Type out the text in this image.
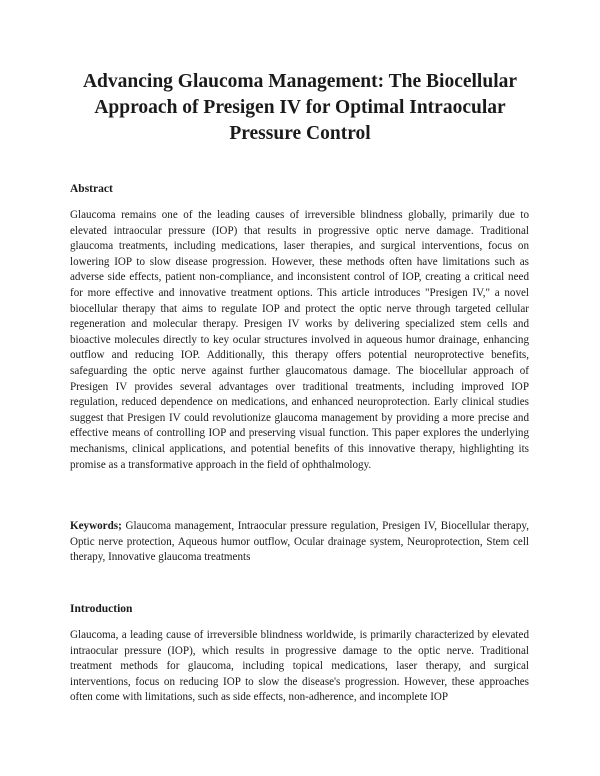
Advancing Glaucoma Management: The Biocellular Approach of Presigen IV for Optimal Intraocular Pressure Control
Abstract

Glaucoma remains one of the leading causes of irreversible blindness globally, primarily due to elevated intraocular pressure (IOP) that results in progressive optic nerve damage. Traditional glaucoma treatments, including medications, laser therapies, and surgical interventions, focus on lowering IOP to slow disease progression. However, these methods often have limitations such as adverse side effects, patient non-compliance, and inconsistent control of IOP, creating a critical need for more effective and innovative treatment options. This article introduces "Presigen IV," a novel biocellular therapy that aims to regulate IOP and protect the optic nerve through targeted cellular regeneration and molecular therapy. Presigen IV works by delivering specialized stem cells and bioactive molecules directly to key ocular structures involved in aqueous humor drainage, enhancing outflow and reducing IOP. Additionally, this therapy offers potential neuroprotective benefits, safeguarding the optic nerve against further glaucomatous damage. The biocellular approach of Presigen IV provides several advantages over traditional treatments, including improved IOP regulation, reduced dependence on medications, and enhanced neuroprotection. Early clinical studies suggest that Presigen IV could revolutionize glaucoma management by providing a more precise and effective means of controlling IOP and preserving visual function. This paper explores the underlying mechanisms, clinical applications, and potential benefits of this innovative therapy, highlighting its promise as a transformative approach in the field of ophthalmology.

Keywords; Glaucoma management, Intraocular pressure regulation, Presigen IV, Biocellular therapy, Optic nerve protection, Aqueous humor outflow, Ocular drainage system, Neuroprotection, Stem cell therapy, Innovative glaucoma treatments

Introduction

Glaucoma, a leading cause of irreversible blindness worldwide, is primarily characterized by elevated intraocular pressure (IOP), which results in progressive damage to the optic nerve. Traditional treatment methods for glaucoma, including topical medications, laser therapy, and surgical interventions, focus on reducing IOP to slow the disease's progression. However, these approaches often come with limitations, such as side effects, non-adherence, and incomplete IOP
